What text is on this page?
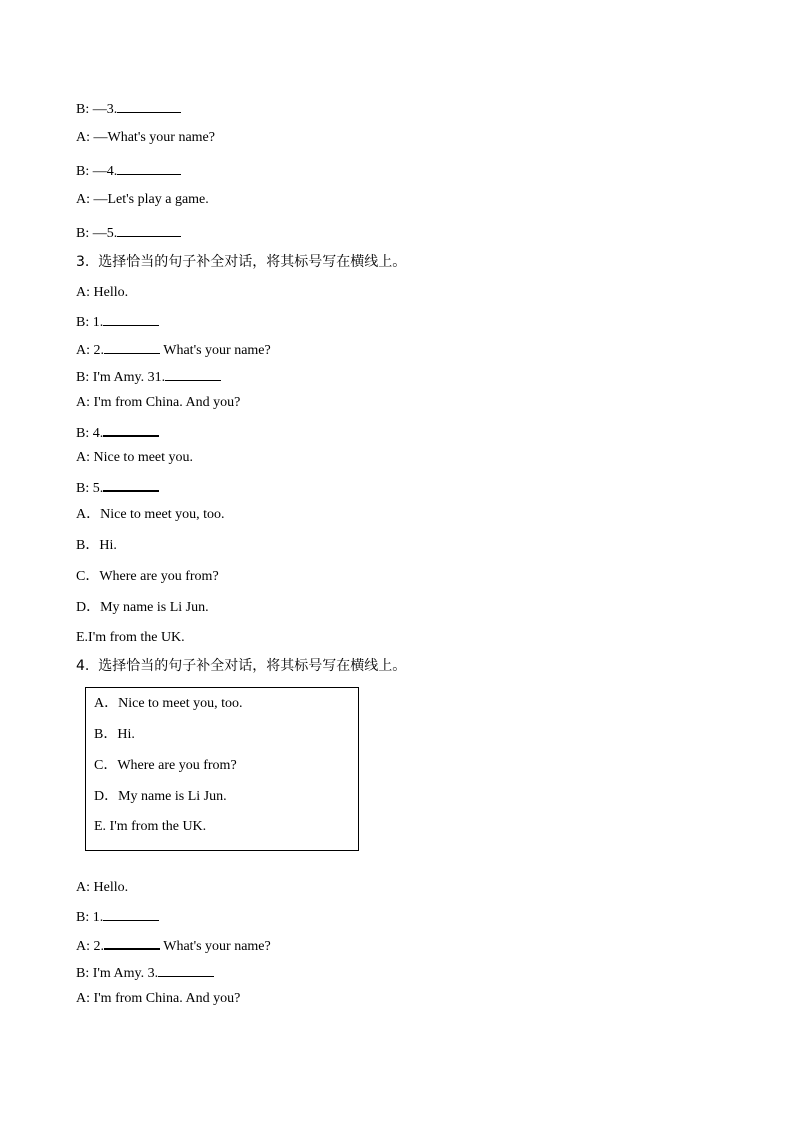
B: —3.
A: —What's your name?
B: —4.
A: —Let's play a game.
B: —5.
3.  选择恰当的句子补全对话，将其标号写在横线上。
A: Hello.
B: 1.
A: 2.	What's your name?
B: I'm Amy. 31.
A: I'm from China. And you?
B: 4.
A: Nice to meet you.
B: 5.
A．Nice to meet you, too.
B．Hi.
C．Where are you from?
D．My name is Li Jun.
E.I'm from the UK.
4.  选择恰当的句子补全对话，将其标号写在横线上。
A．Nice to meet you, too.
B．Hi.
C．Where are you from?
D．My name is Li Jun.
E. I'm from the UK.
A: Hello.
B: 1.
A: 2.	What's your name?
B: I'm Amy. 3.
A: I'm from China. And you?
